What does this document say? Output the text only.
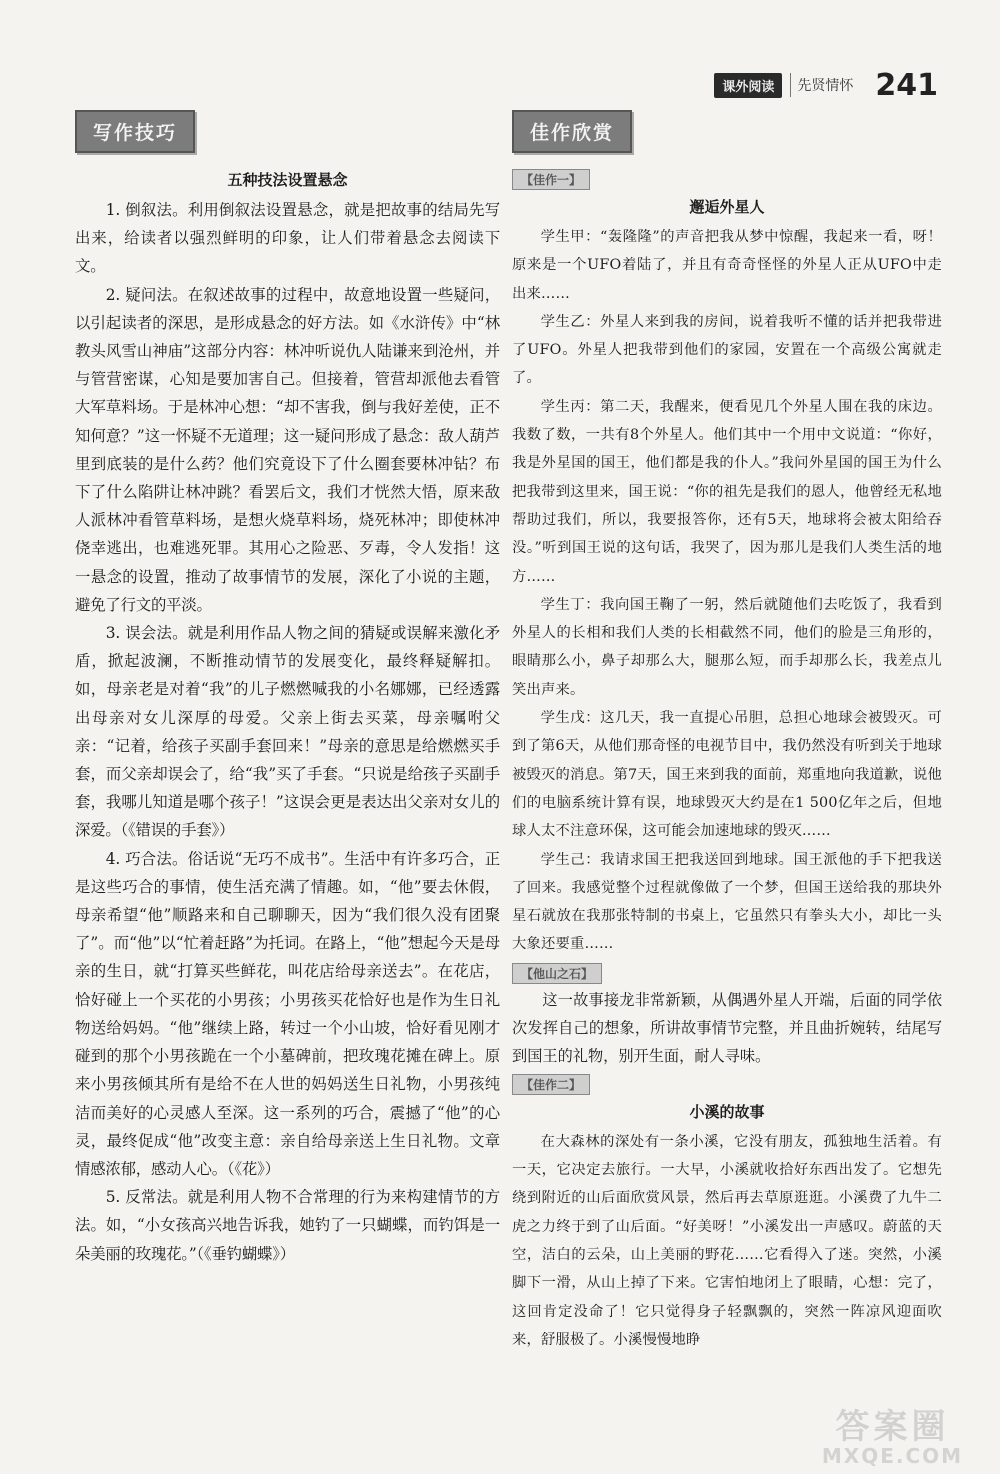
课外阅读	先贤情怀 241
写作技巧
五种技法设置悬念

1. 倒叙法。利用倒叙法设置悬念，就是把故事的结局先写出来，给读者以强烈鲜明的印象，让人们带着悬念去阅读下文。

2. 疑问法。在叙述故事的过程中，故意地设置一些疑问，以引起读者的深思，是形成悬念的好方法。如《水浒传》中“林教头风雪山神庙”这部分内容：林冲听说仇人陆谦来到沧州，并与管营密谋，心知是要加害自己。但接着，管营却派他去看管大军草料场。于是林冲心想：“却不害我，倒与我好差使，正不知何意？”这一怀疑不无道理；这一疑问形成了悬念：敌人葫芦里到底装的是什么药？他们究竟设下了什么圈套要林冲钻？布下了什么陷阱让林冲跳？看罢后文，我们才恍然大悟，原来敌人派林冲看管草料场，是想火烧草料场，烧死林冲；即使林冲侥幸逃出，也难逃死罪。其用心之险恶、歹毒，令人发指！这一悬念的设置，推动了故事情节的发展，深化了小说的主题，避免了行文的平淡。

3. 误会法。就是利用作品人物之间的猜疑或误解来激化矛盾，掀起波澜，不断推动情节的发展变化，最终释疑解扣。如，母亲老是对着“我”的儿子燃燃喊我的小名娜娜，已经透露出母亲对女儿深厚的母爱。父亲上街去买菜，母亲嘱咐父亲：“记着，给孩子买副手套回来！”母亲的意思是给燃燃买手套，而父亲却误会了，给“我”买了手套。“只说是给孩子买副手套，我哪儿知道是哪个孩子！”这误会更是表达出父亲对女儿的深爱。（《错误的手套》）

4. 巧合法。俗话说“无巧不成书”。生活中有许多巧合，正是这些巧合的事情，使生活充满了情趣。如，“他”要去休假，母亲希望“他”顺路来和自己聊聊天，因为“我们很久没有团聚了”。而“他”以“忙着赶路”为托词。在路上，“他”想起今天是母亲的生日，就“打算买些鲜花，叫花店给母亲送去”。在花店，恰好碰上一个买花的小男孩；小男孩买花恰好也是作为生日礼物送给妈妈。“他”继续上路，转过一个小山坡，恰好看见刚才碰到的那个小男孩跪在一个小墓碑前，把玫瑰花摊在碑上。原来小男孩倾其所有是给不在人世的妈妈送生日礼物，小男孩纯洁而美好的心灵感人至深。这一系列的巧合，震撼了“他”的心灵，最终促成“他”改变主意：亲自给母亲送上生日礼物。文章情感浓郁，感动人心。（《花》）

5. 反常法。就是利用人物不合常理的行为来构建情节的方法。如，“小女孩高兴地告诉我，她钓了一只蝴蝶，而钓饵是一朵美丽的玫瑰花。”（《垂钓蝴蝶》）

佳作欣赏
【佳作一】
邂逅外星人

学生甲：“轰隆隆”的声音把我从梦中惊醒，我起来一看，呀！原来是一个UFO着陆了，并且有奇奇怪怪的外星人正从UFO中走出来……

学生乙：外星人来到我的房间，说着我听不懂的话并把我带进了UFO。外星人把我带到他们的家园，安置在一个高级公寓就走了。

学生丙：第二天，我醒来，便看见几个外星人围在我的床边。我数了数，一共有8个外星人。他们其中一个用中文说道：“你好，我是外星国的国王，他们都是我的仆人。”我问外星国的国王为什么把我带到这里来，国王说：“你的祖先是我们的恩人，他曾经无私地帮助过我们，所以，我要报答你，还有5天，地球将会被太阳给吞没。”听到国王说的这句话，我哭了，因为那儿是我们人类生活的地方……

学生丁：我向国王鞠了一躬，然后就随他们去吃饭了，我看到外星人的长相和我们人类的长相截然不同，他们的脸是三角形的，眼睛那么小，鼻子却那么大，腿那么短，而手却那么长，我差点儿笑出声来。

学生戊：这几天，我一直提心吊胆，总担心地球会被毁灭。可到了第6天，从他们那奇怪的电视节目中，我仍然没有听到关于地球被毁灭的消息。第7天，国王来到我的面前，郑重地向我道歉，说他们的电脑系统计算有误，地球毁灭大约是在1 500亿年之后，但地球人太不注意环保，这可能会加速地球的毁灭……

学生己：我请求国王把我送回到地球。国王派他的手下把我送了回来。我感觉整个过程就像做了一个梦，但国王送给我的那块外星石就放在我那张特制的书桌上，它虽然只有拳头大小，却比一头大象还要重……

【他山之石】

这一故事接龙非常新颖，从偶遇外星人开端，后面的同学依次发挥自己的想象，所讲故事情节完整，并且曲折婉转，结尾写到国王的礼物，别开生面，耐人寻味。

【佳作二】
小溪的故事

在大森林的深处有一条小溪，它没有朋友，孤独地生活着。有一天，它决定去旅行。一大早，小溪就收拾好东西出发了。它想先绕到附近的山后面欣赏风景，然后再去草原逛逛。小溪费了九牛二虎之力终于到了山后面。“好美呀！”小溪发出一声感叹。蔚蓝的天空，洁白的云朵，山上美丽的野花……它看得入了迷。突然，小溪脚下一滑，从山上掉了下来。它害怕地闭上了眼睛，心想：完了，这回肯定没命了！它只觉得身子轻飘飘的，突然一阵凉风迎面吹来，舒服极了。小溪慢慢地睁

答案圈
MXQE.COM
